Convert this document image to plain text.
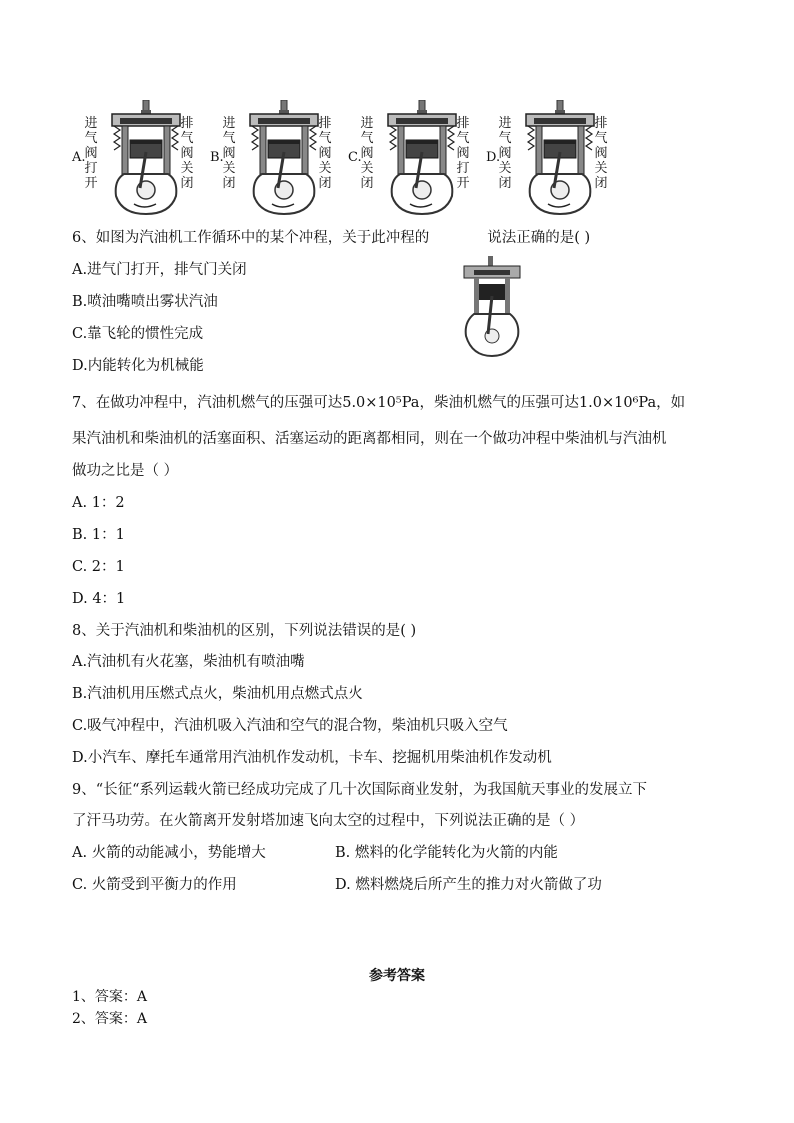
A.
进气阀打开
排气阀关闭
B.
进气阀关闭
排气阀关闭
C.
进气阀关闭
排气阀打开
D.
进气阀关闭
排气阀关闭
6、如图为汽油机工作循环中的某个冲程，关于此冲程的	说法正确的是( )
A.进气门打开，排气门关闭
B.喷油嘴喷出雾状汽油
C.靠飞轮的惯性完成
D.内能转化为机械能
7、在做功冲程中，汽油机燃气的压强可达5.0×10⁵Pa，柴油机燃气的压强可达1.0×10⁶Pa，如
果汽油机和柴油机的活塞面积、活塞运动的距离都相同，则在一个做功冲程中柴油机与汽油机
做功之比是（ ）
A. 1：2
B. 1：1
C. 2：1
D. 4：1
8、关于汽油机和柴油机的区别，下列说法错误的是( )
A.汽油机有火花塞，柴油机有喷油嘴
B.汽油机用压燃式点火，柴油机用点燃式点火
C.吸气冲程中，汽油机吸入汽油和空气的混合物，柴油机只吸入空气
D.小汽车、摩托车通常用汽油机作发动机，卡车、挖掘机用柴油机作发动机
9、“长征“系列运载火箭已经成功完成了几十次国际商业发射，为我国航天事业的发展立下
了汗马功劳。在火箭离开发射塔加速飞向太空的过程中，下列说法正确的是（ ）
A. 火箭的动能减小，势能增大	B. 燃料的化学能转化为火箭的内能
C. 火箭受到平衡力的作用	D. 燃料燃烧后所产生的推力对火箭做了功
参考答案
1、答案：A
2、答案：A
